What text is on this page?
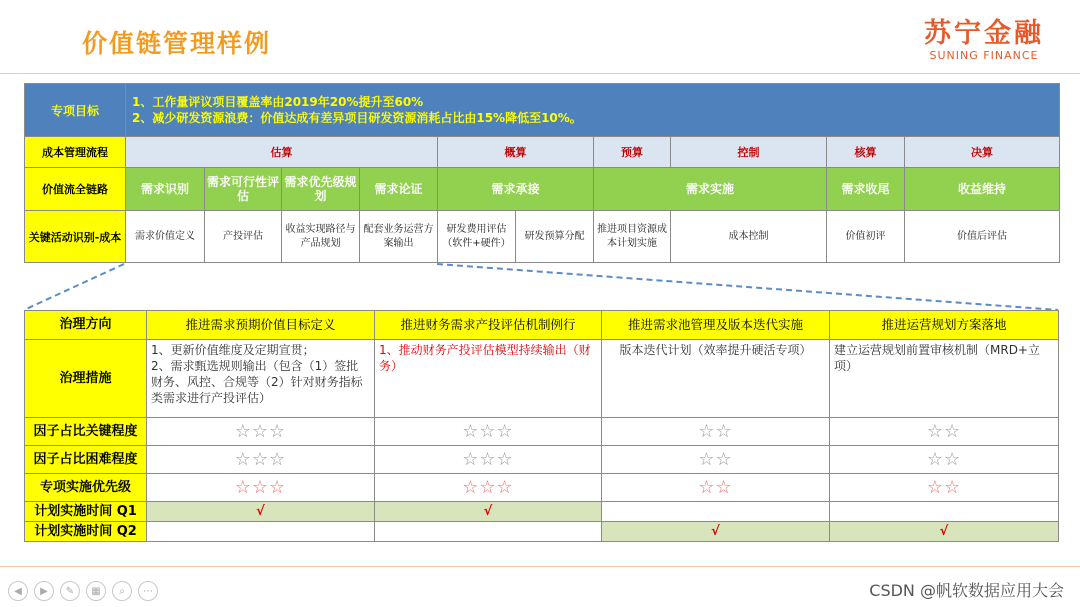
价值链管理样例	苏宁金融
SUNING FINANCE
专项目标	1、工作量评议项目覆盖率由2019年20%提升至60%
2、减少研发资源浪费：价值达成有差异项目研发资源消耗占比由15%降低至10%。									

成本管理流程	估算				概算		预算	控制	核算	决算
价值流全链路	需求识别	需求可行性评估	需求优先级规划	需求论证	需求承接		需求实施		需求收尾	收益维持
关键活动识别-成本	需求价值定义	产投评估	收益实现路径与产品规划	配套业务运营方案输出	研发费用评估（软件+硬件）	研发预算分配	推进项目资源成本计划实施	成本控制	价值初评	价值后评估
治理方向	推进需求预期价值目标定义	推进财务需求产投评估机制例行	推进需求池管理及版本迭代实施	推进运营规划方案落地
治理措施	1、更新价值维度及定期宣贯；
2、需求甄选规则输出（包含（1）签批财务、风控、合规等（2）针对财务指标类需求进行产投评估）	1、推动财务产投评估模型持续输出（财务）	版本迭代计划（效率提升硬活专项）	建立运营规划前置审核机制（MRD+立项）
因子占比关键程度	☆☆☆	☆☆☆	☆☆	☆☆
因子占比困难程度	☆☆☆	☆☆☆	☆☆	☆☆
专项实施优先级	☆☆☆	☆☆☆	☆☆	☆☆
计划实施时间 Q1	√	√		
计划实施时间 Q2			√	√
◀	▶	✎	▦	⌕	⋯	CSDN @帆软数据应用大会
